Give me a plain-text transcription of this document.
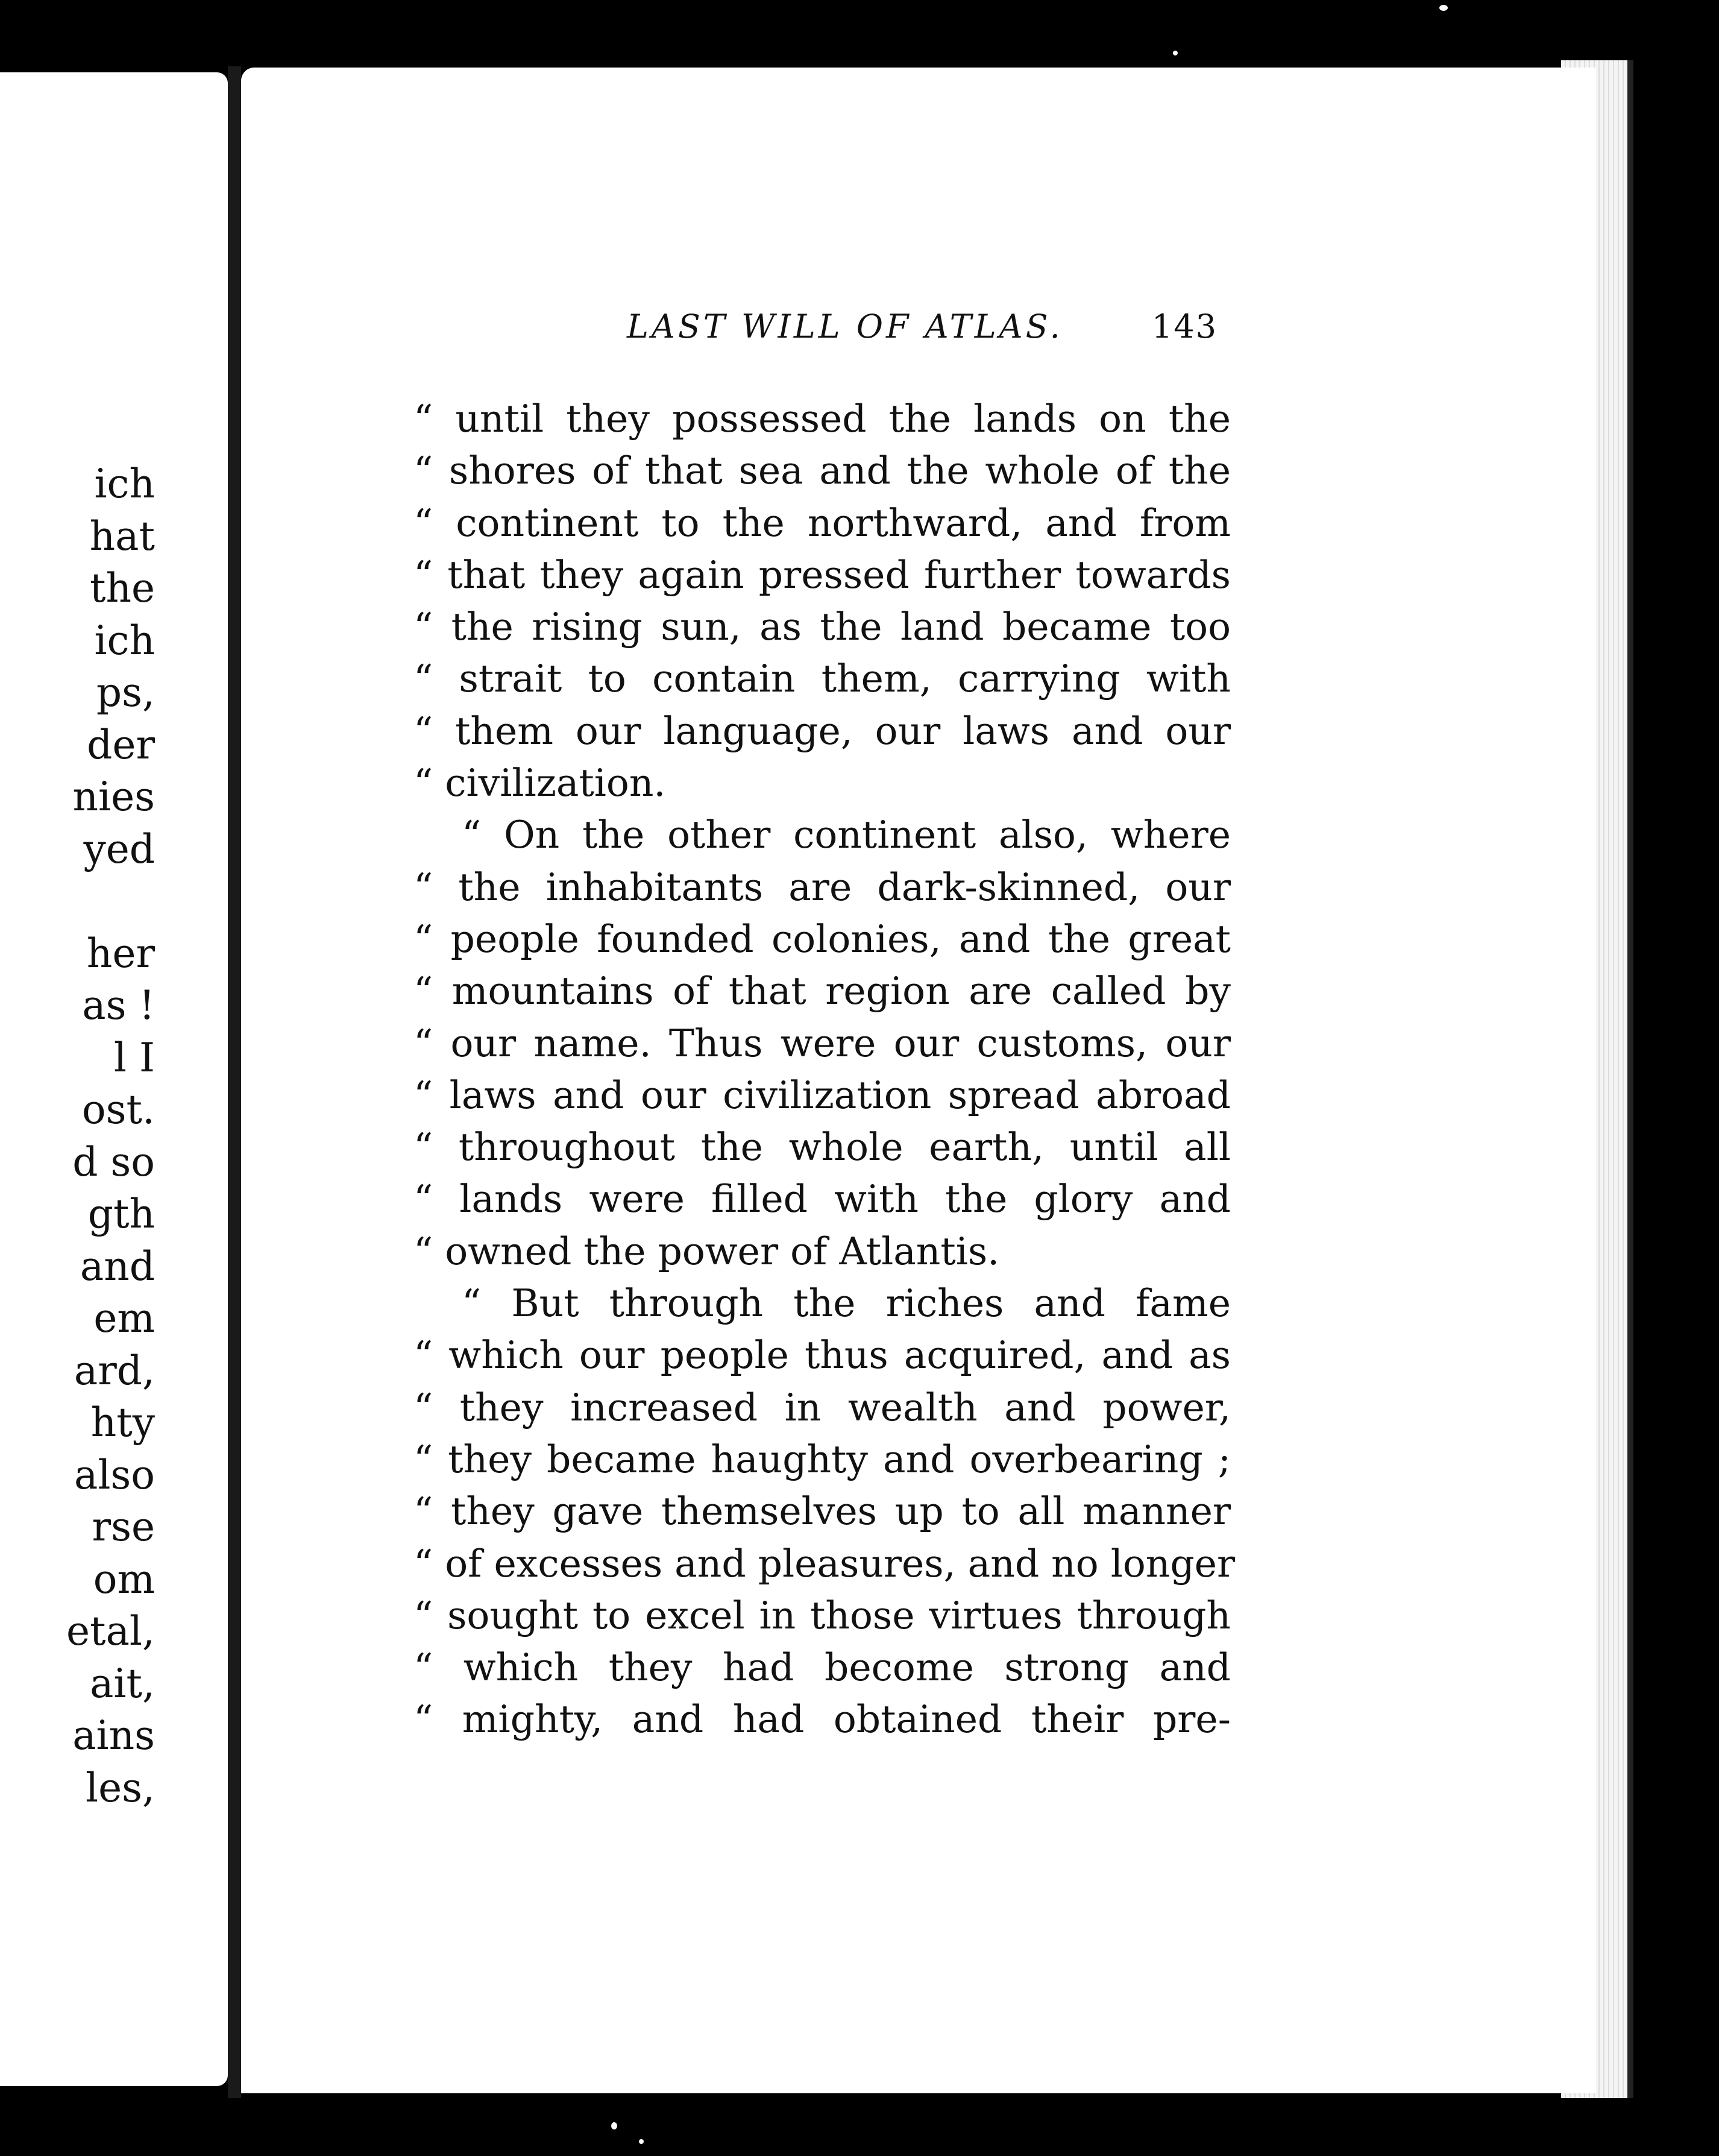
ich
hat
the
ich
ps,
der
nies
yed
her
as !
l I
ost.
d so
gth
and
em
ard,
hty
also
rse
om
etal,
ait,
ains
les,
LAST WILL OF ATLAS.	143
“ until they possessed the lands on the
“ shores of that sea and the whole of the
“ continent to the northward, and from
“ that they again pressed further towards
“ the rising sun, as the land became too
“ strait to contain them, carrying with
“ them our language, our laws and our
“ civilization.
“ On the other continent also, where
“ the inhabitants are dark-skinned, our
“ people founded colonies, and the great
“ mountains of that region are called by
“ our name. Thus were our customs, our
“ laws and our civilization spread abroad
“ throughout the whole earth, until all
“ lands were filled with the glory and
“ owned the power of Atlantis.
“ But through the riches and fame
“ which our people thus acquired, and as
“ they increased in wealth and power,
“ they became haughty and overbearing ;
“ they gave themselves up to all manner
“ of excesses and pleasures, and no longer
“ sought to excel in those virtues through
“ which they had become strong and
“ mighty, and had obtained their pre-
